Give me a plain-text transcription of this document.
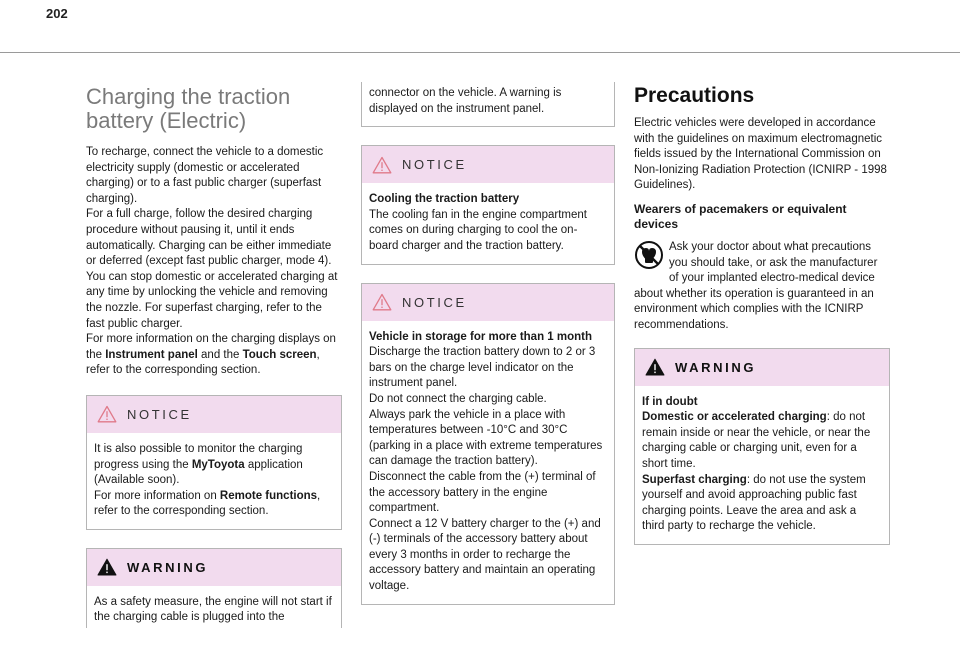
202
Charging the traction
battery (Electric)

To recharge, connect the vehicle to a domestic electricity supply (domestic or accelerated charging) or to a fast public charger (superfast charging).

For a full charge, follow the desired charging procedure without pausing it, until it ends automatically. Charging can be either immediate or deferred (except fast public charger, mode 4).

You can stop domestic or accelerated charging at any time by unlocking the vehicle and removing the nozzle. For superfast charging, refer to the fast public charger.

For more information on the charging displays on the Instrument panel and the Touch screen, refer to the corresponding section.

NOTICE

It is also possible to monitor the charging progress using the MyToyota application (Available soon).

For more information on Remote functions, refer to the corresponding section.

WARNING

As a safety measure, the engine will not start if the charging cable is plugged into the

connector on the vehicle. A warning is displayed on the instrument panel.

NOTICE

Cooling the traction battery

The cooling fan in the engine compartment comes on during charging to cool the on-board charger and the traction battery.

NOTICE

Vehicle in storage for more than 1 month

Discharge the traction battery down to 2 or 3 bars on the charge level indicator on the instrument panel.

Do not connect the charging cable.

Always park the vehicle in a place with temperatures between -10°C and 30°C (parking in a place with extreme temperatures can damage the traction battery).

Disconnect the cable from the (+) terminal of the accessory battery in the engine compartment.

Connect a 12 V battery charger to the (+) and (-) terminals of the accessory battery about every 3 months in order to recharge the accessory battery and maintain an operating voltage.

Precautions

Electric vehicles were developed in accordance with the guidelines on maximum electromagnetic fields issued by the International Commission on Non-Ionizing Radiation Protection (ICNIRP - 1998 Guidelines).

Wearers of pacemakers or equivalent devices

Ask your doctor about what precautions you should take, or ask the manufacturer of your implanted electro-medical device about whether its operation is guaranteed in an environment which complies with the ICNIRP recommendations.

WARNING

If in doubt

Domestic or accelerated charging: do not remain inside or near the vehicle, or near the charging cable or charging unit, even for a short time.

Superfast charging: do not use the system yourself and avoid approaching public fast charging points. Leave the area and ask a third party to recharge the vehicle.
